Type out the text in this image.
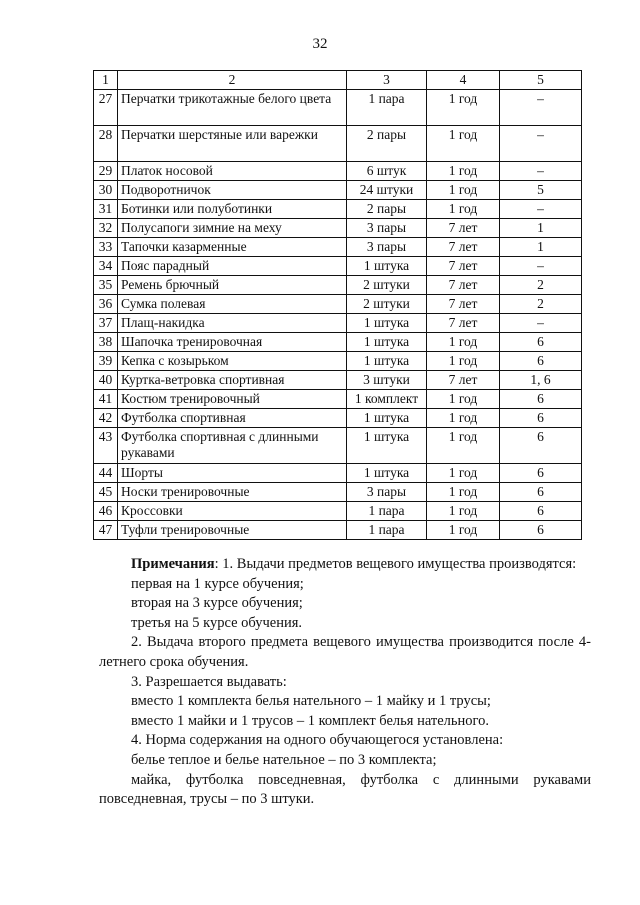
32
1	2	3	4	5
27	Перчатки трикотажные белого цвета	1 пара	1 год	–
28	Перчатки шерстяные или варежки	2 пары	1 год	–
29	Платок носовой	6 штук	1 год	–
30	Подворотничок	24 штуки	1 год	5
31	Ботинки или полуботинки	2 пары	1 год	–
32	Полусапоги зимние на меху	3 пары	7 лет	1
33	Тапочки казарменные	3 пары	7 лет	1
34	Пояс парадный	1 штука	7 лет	–
35	Ремень брючный	2 штуки	7 лет	2
36	Сумка полевая	2 штуки	7 лет	2
37	Плащ-накидка	1 штука	7 лет	–
38	Шапочка тренировочная	1 штука	1 год	6
39	Кепка с козырьком	1 штука	1 год	6
40	Куртка-ветровка спортивная	3 штуки	7 лет	1, 6
41	Костюм тренировочный	1 комплект	1 год	6
42	Футболка спортивная	1 штука	1 год	6
43	Футболка спортивная с длинными рукавами	1 штука	1 год	6
44	Шорты	1 штука	1 год	6
45	Носки тренировочные	3 пары	1 год	6
46	Кроссовки	1 пара	1 год	6
47	Туфли тренировочные	1 пара	1 год	6

Примечания: 1. Выдачи предметов вещевого имущества производятся:

первая на 1 курсе обучения;

вторая на 3 курсе обучения;

третья на 5 курсе обучения.

2. Выдача второго предмета вещевого имущества производится после 4-летнего срока обучения.

3. Разрешается выдавать:

вместо 1 комплекта белья нательного – 1 майку и 1 трусы;

вместо 1 майки и 1 трусов – 1 комплект белья нательного.

4. Норма содержания на одного обучающегося установлена:

белье теплое и белье нательное – по 3 комплекта;

майка, футболка повседневная, футболка с длинными рукавами повседневная, трусы – по 3 штуки.
